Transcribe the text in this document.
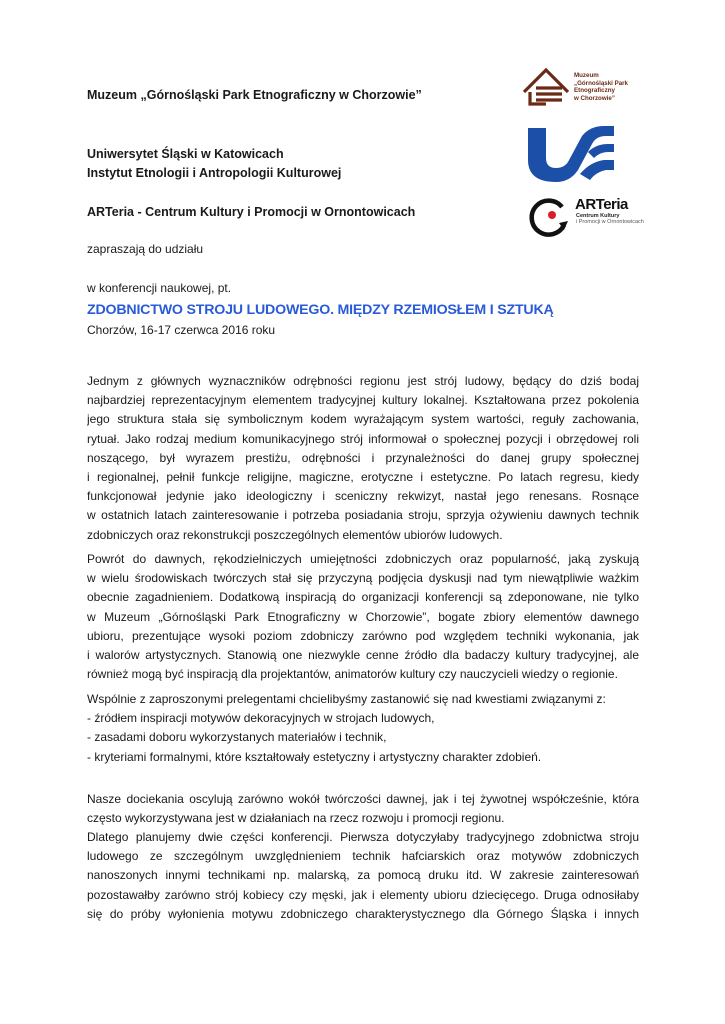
Muzeum „Górnośląski Park Etnograficzny w Chorzowie”
Uniwersytet Śląski w Katowicach
Instytut Etnologii i Antropologii Kulturowej
ARTeria - Centrum Kultury i Promocji w Ornontowicach
zapraszają do udziału
w konferencji naukowej, pt.
ZDOBNICTWO STROJU LUDOWEGO. MIĘDZY RZEMIOSŁEM I SZTUKĄ
Chorzów, 16-17 czerwca 2016 roku
Muzeum
„Górnośląski Park
Etnograficzny
w Chorzowie”
ARTeria
Centrum Kultury
i Promocji w Ornontowicach
Jednym z głównych wyznaczników odrębności regionu jest strój ludowy, będący do dziś bodaj
najbardziej reprezentacyjnym elementem tradycyjnej kultury lokalnej. Kształtowana przez pokolenia
jego struktura stała się symbolicznym kodem wyrażającym system wartości, reguły zachowania,
rytuał. Jako rodzaj medium komunikacyjnego strój informował o społecznej pozycji i obrzędowej roli
noszącego, był wyrazem prestiżu, odrębności i przynależności do danej grupy społecznej
i regionalnej, pełnił funkcje religijne, magiczne, erotyczne i estetyczne. Po latach regresu, kiedy
funkcjonował jedynie jako ideologiczny i sceniczny rekwizyt, nastał jego renesans. Rosnące
w ostatnich latach zainteresowanie i potrzeba posiadania stroju, sprzyja ożywieniu dawnych technik
zdobniczych oraz rekonstrukcji poszczególnych elementów ubiorów ludowych.
Powrót do dawnych, rękodzielniczych umiejętności zdobniczych oraz popularność, jaką zyskują
w wielu środowiskach twórczych stał się przyczyną podjęcia dyskusji nad tym niewątpliwie ważkim
obecnie zagadnieniem. Dodatkową inspiracją do organizacji konferencji są zdeponowane, nie tylko
w Muzeum „Górnośląski Park Etnograficzny w Chorzowie”, bogate zbiory elementów dawnego
ubioru, prezentujące wysoki poziom zdobniczy zarówno pod względem techniki wykonania, jak
i walorów artystycznych. Stanowią one niezwykle cenne źródło dla badaczy kultury tradycyjnej, ale
również mogą być inspiracją dla projektantów, animatorów kultury czy nauczycieli wiedzy o regionie.
Wspólnie z zaproszonymi prelegentami chcielibyśmy zastanowić się nad kwestiami związanymi z:
- źródłem inspiracji motywów dekoracyjnych w strojach ludowych,
- zasadami doboru wykorzystanych materiałów i technik,
- kryteriami formalnymi, które kształtowały estetyczny i artystyczny charakter zdobień.
Nasze dociekania oscylują zarówno wokół twórczości dawnej, jak i tej żywotnej współcześnie, która
często wykorzystywana jest w działaniach na rzecz rozwoju i promocji regionu.
Dlatego planujemy dwie części konferencji. Pierwsza dotyczyłaby tradycyjnego zdobnictwa stroju
ludowego ze szczególnym uwzględnieniem technik hafciarskich oraz motywów zdobniczych
nanoszonych innymi technikami np. malarską, za pomocą druku itd. W zakresie zainteresowań
pozostawałby zarówno strój kobiecy czy męski, jak i elementy ubioru dziecięcego. Druga odnosiłaby
się do próby wyłonienia motywu zdobniczego charakterystycznego dla Górnego Śląska i innych
